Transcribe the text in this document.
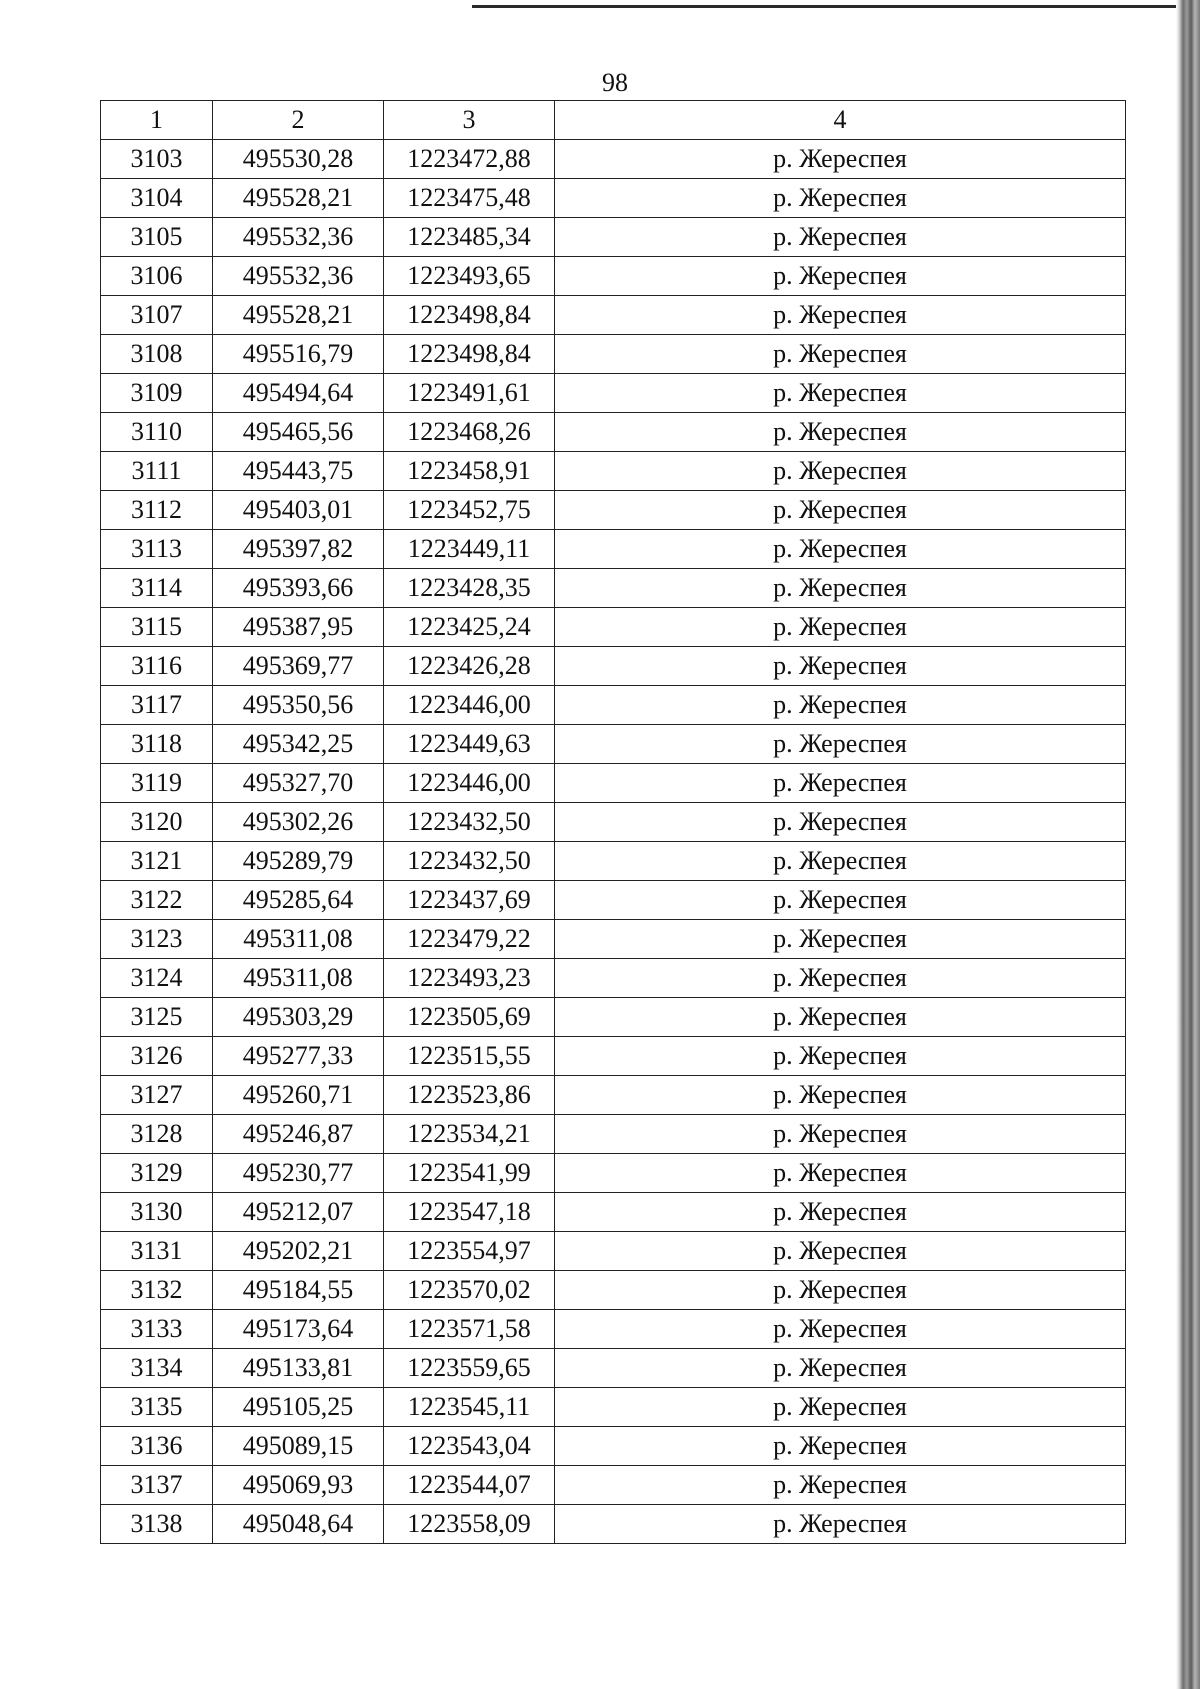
98
1	2	3	4
3103	495530,28	1223472,88	р. Жереспея
3104	495528,21	1223475,48	р. Жереспея
3105	495532,36	1223485,34	р. Жереспея
3106	495532,36	1223493,65	р. Жереспея
3107	495528,21	1223498,84	р. Жереспея
3108	495516,79	1223498,84	р. Жереспея
3109	495494,64	1223491,61	р. Жереспея
3110	495465,56	1223468,26	р. Жереспея
3111	495443,75	1223458,91	р. Жереспея
3112	495403,01	1223452,75	р. Жереспея
3113	495397,82	1223449,11	р. Жереспея
3114	495393,66	1223428,35	р. Жереспея
3115	495387,95	1223425,24	р. Жереспея
3116	495369,77	1223426,28	р. Жереспея
3117	495350,56	1223446,00	р. Жереспея
3118	495342,25	1223449,63	р. Жереспея
3119	495327,70	1223446,00	р. Жереспея
3120	495302,26	1223432,50	р. Жереспея
3121	495289,79	1223432,50	р. Жереспея
3122	495285,64	1223437,69	р. Жереспея
3123	495311,08	1223479,22	р. Жереспея
3124	495311,08	1223493,23	р. Жереспея
3125	495303,29	1223505,69	р. Жереспея
3126	495277,33	1223515,55	р. Жереспея
3127	495260,71	1223523,86	р. Жереспея
3128	495246,87	1223534,21	р. Жереспея
3129	495230,77	1223541,99	р. Жереспея
3130	495212,07	1223547,18	р. Жереспея
3131	495202,21	1223554,97	р. Жереспея
3132	495184,55	1223570,02	р. Жереспея
3133	495173,64	1223571,58	р. Жереспея
3134	495133,81	1223559,65	р. Жереспея
3135	495105,25	1223545,11	р. Жереспея
3136	495089,15	1223543,04	р. Жереспея
3137	495069,93	1223544,07	р. Жереспея
3138	495048,64	1223558,09	р. Жереспея
